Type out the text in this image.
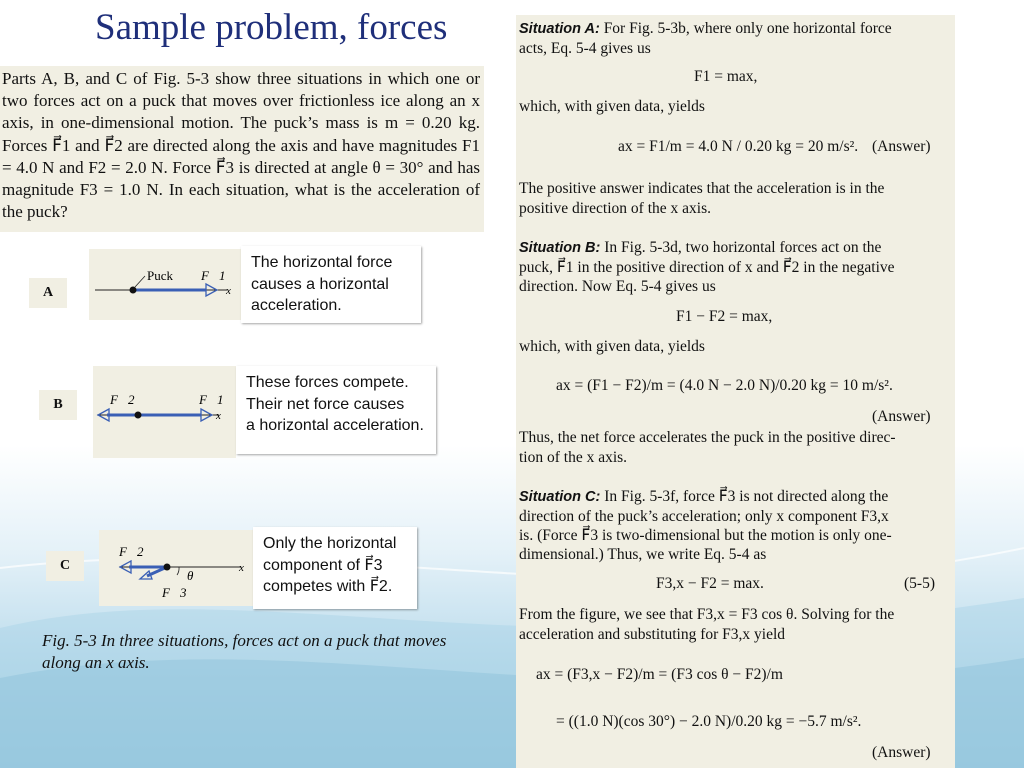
Sample problem, forces
Parts A, B, and C of Fig. 5-3 show three situations in which one or two forces act on a puck that moves over frictionless ice along an x axis, in one-dimensional motion. The puck’s mass is m = 0.20 kg. Forces F⃗1 and F⃗2 are directed along the axis and have magnitudes F1 = 4.0 N and F2 = 2.0 N. Force F⃗3 is directed at angle θ = 30° and has magnitude F3 = 1.0 N. In each situation, what is the acceleration of the puck?
A
Puck F⃗1
x
The horizontal force
causes a horizontal
acceleration.
B	F⃗2	F⃗1
x
These forces compete.
Their net force causes
a horizontal acceleration.
C
F⃗2
F⃗3
θ	x
Only the horizontal
component of F⃗3
competes with F⃗2.
Fig. 5-3 In three situations, forces act on a puck that moves along an x axis.
Situation A: For Fig. 5-3b, where only one horizontal force
acts, Eq. 5-4 gives us
F1 = max,
which, with given data, yields
ax = F1/m = 4.0 N / 0.20 kg = 20 m/s². (Answer)
The positive answer indicates that the acceleration is in the
positive direction of the x axis.
Situation B: In Fig. 5-3d, two horizontal forces act on the
puck, F⃗1 in the positive direction of x and F⃗2 in the negative
direction. Now Eq. 5-4 gives us
F1 − F2 = max,
which, with given data, yields
ax = (F1 − F2)/m = (4.0 N − 2.0 N)/0.20 kg = 10 m/s².
(Answer)
Thus, the net force accelerates the puck in the positive direc-
tion of the x axis.
Situation C: In Fig. 5-3f, force F⃗3 is not directed along the
direction of the puck’s acceleration; only x component F3,x
is. (Force F⃗3 is two-dimensional but the motion is only one-
dimensional.) Thus, we write Eq. 5-4 as
F3,x − F2 = max.	(5-5)
From the figure, we see that F3,x = F3 cos θ. Solving for the
acceleration and substituting for F3,x yield
ax = (F3,x − F2)/m = (F3 cos θ − F2)/m
= ((1.0 N)(cos 30°) − 2.0 N)/0.20 kg = −5.7 m/s².
(Answer)
